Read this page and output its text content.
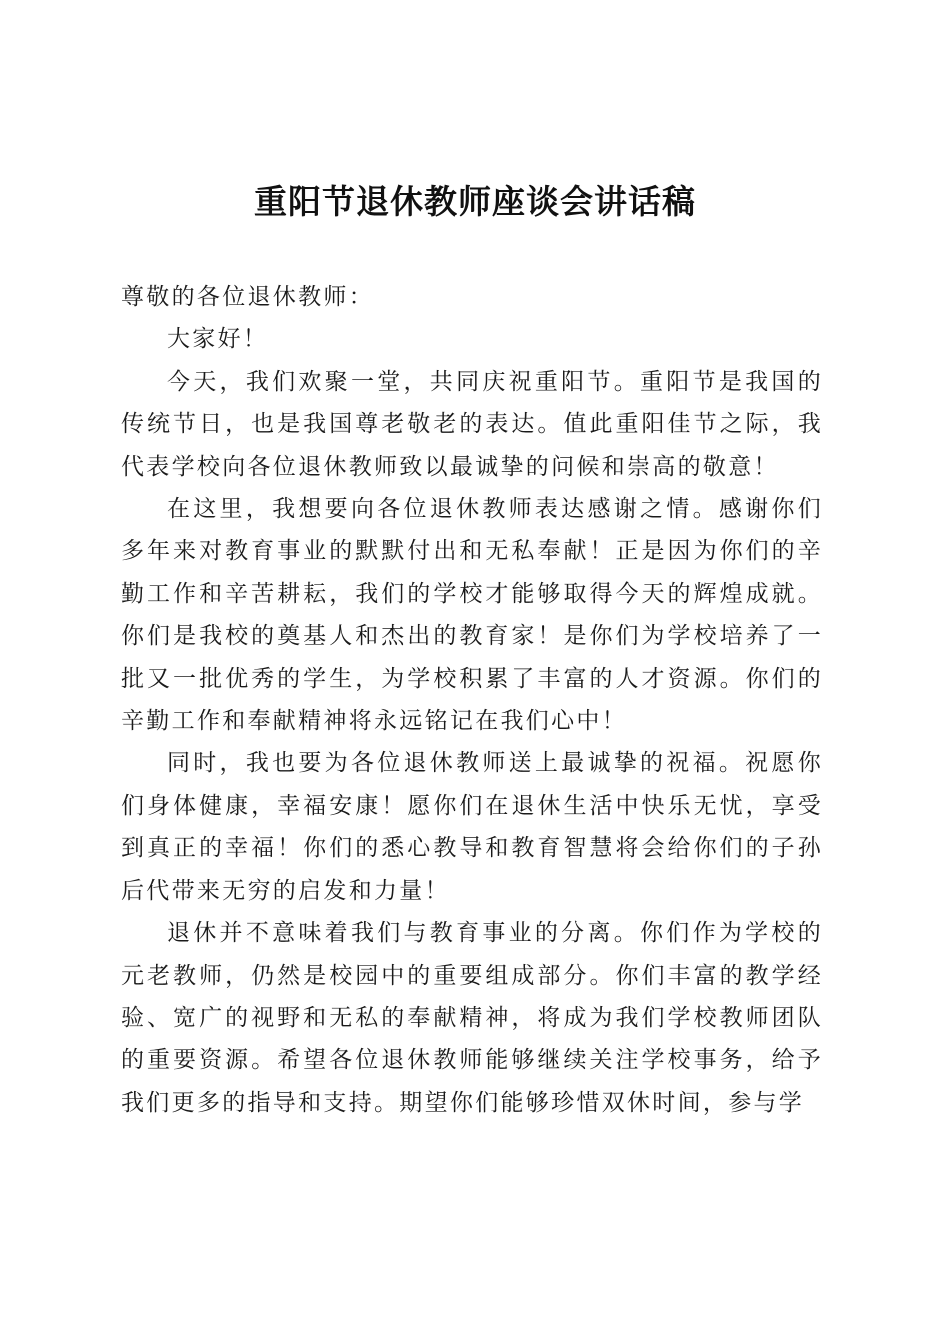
重阳节退休教师座谈会讲话稿

尊敬的各位退休教师：

大家好！

今天，我们欢聚一堂，共同庆祝重阳节。重阳节是我国的传统节日，也是我国尊老敬老的表达。值此重阳佳节之际，我代表学校向各位退休教师致以最诚挚的问候和崇高的敬意！

在这里，我想要向各位退休教师表达感谢之情。感谢你们多年来对教育事业的默默付出和无私奉献！正是因为你们的辛勤工作和辛苦耕耘，我们的学校才能够取得今天的辉煌成就。你们是我校的奠基人和杰出的教育家！是你们为学校培养了一批又一批优秀的学生，为学校积累了丰富的人才资源。你们的辛勤工作和奉献精神将永远铭记在我们心中！

同时，我也要为各位退休教师送上最诚挚的祝福。祝愿你们身体健康，幸福安康！愿你们在退休生活中快乐无忧，享受到真正的幸福！你们的悉心教导和教育智慧将会给你们的子孙后代带来无穷的启发和力量！

退休并不意味着我们与教育事业的分离。你们作为学校的元老教师，仍然是校园中的重要组成部分。你们丰富的教学经验、宽广的视野和无私的奉献精神，将成为我们学校教师团队的重要资源。希望各位退休教师能够继续关注学校事务，给予我们更多的指导和支持。期望你们能够珍惜双休时间，参与学
